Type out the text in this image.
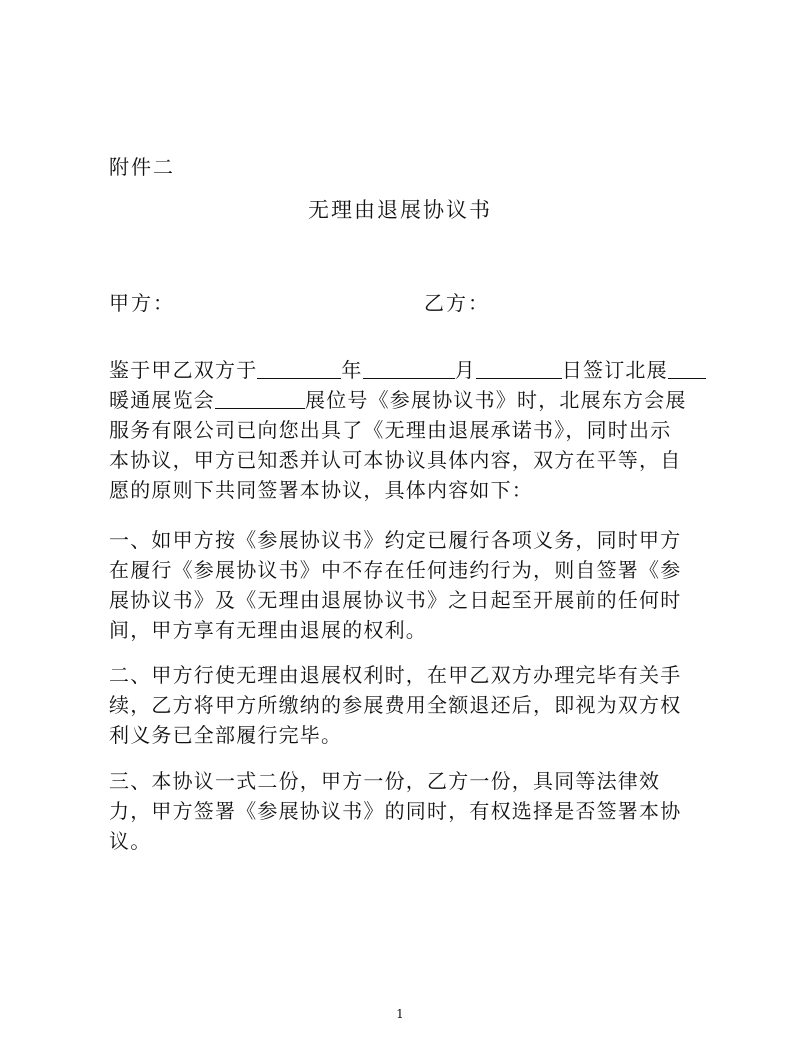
附件二
无理由退展协议书
甲方：	乙方：
鉴于甲乙双方于	年	月	日签订北展
暖通展览会	展位号《参展协议书》时，北展东方会展
服务有限公司已向您出具了《无理由退展承诺书》，同时出示
本协议，甲方已知悉并认可本协议具体内容，双方在平等，自
愿的原则下共同签署本协议，具体内容如下：
一、如甲方按《参展协议书》约定已履行各项义务，同时甲方
在履行《参展协议书》中不存在任何违约行为，则自签署《参
展协议书》及《无理由退展协议书》之日起至开展前的任何时
间，甲方享有无理由退展的权利。
二、甲方行使无理由退展权利时，在甲乙双方办理完毕有关手
续，乙方将甲方所缴纳的参展费用全额退还后，即视为双方权
利义务已全部履行完毕。
三、本协议一式二份，甲方一份，乙方一份，具同等法律效
力，甲方签署《参展协议书》的同时，有权选择是否签署本协
议。
1
